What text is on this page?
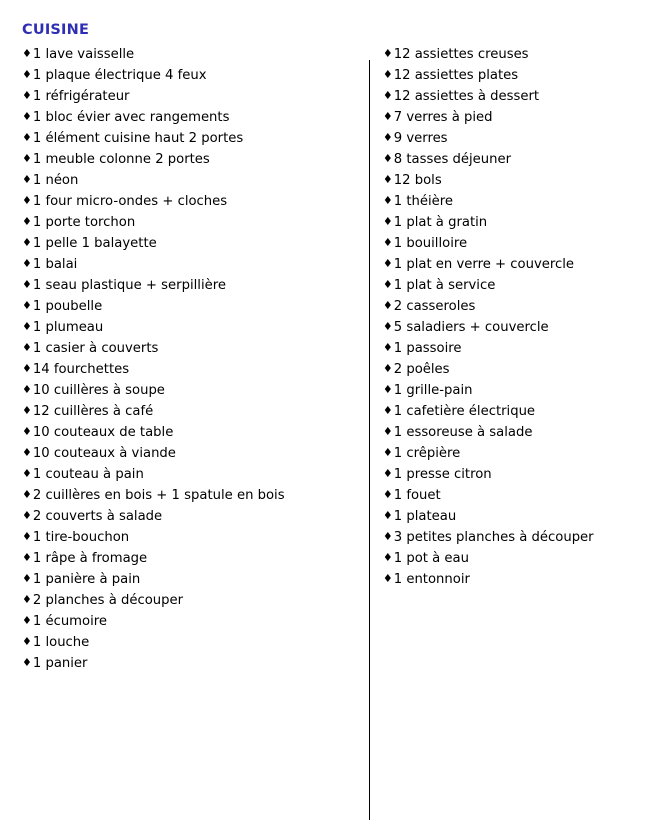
CUISINE
♦ 1 lave vaisselle
♦ 1 plaque électrique 4 feux
♦ 1 réfrigérateur
♦ 1 bloc évier avec rangements
♦ 1 élément cuisine haut 2 portes
♦ 1 meuble colonne 2 portes
♦ 1 néon
♦ 1 four micro-ondes + cloches
♦ 1 porte torchon
♦ 1 pelle 1 balayette
♦ 1 balai
♦ 1 seau plastique + serpillière
♦ 1 poubelle
♦ 1 plumeau
♦ 1 casier à couverts
♦ 14 fourchettes
♦ 10 cuillères à soupe
♦ 12 cuillères à café
♦ 10 couteaux de table
♦ 10 couteaux à viande
♦ 1 couteau à pain
♦ 2 cuillères en bois + 1 spatule en bois
♦ 2 couverts à salade
♦ 1 tire-bouchon
♦ 1 râpe à fromage
♦ 1 panière à pain
♦ 2 planches à découper
♦ 1 écumoire
♦ 1 louche
♦ 1 panier
♦ 12 assiettes creuses
♦ 12 assiettes plates
♦ 12 assiettes à dessert
♦ 7 verres à pied
♦ 9 verres
♦ 8 tasses déjeuner
♦ 12 bols
♦ 1 théière
♦ 1 plat à gratin
♦ 1 bouilloire
♦ 1 plat en verre + couvercle
♦ 1 plat à service
♦ 2 casseroles
♦ 5 saladiers + couvercle
♦ 1 passoire
♦ 2 poêles
♦ 1 grille-pain
♦ 1 cafetière électrique
♦ 1 essoreuse à salade
♦ 1 crêpière
♦ 1 presse citron
♦ 1 fouet
♦ 1 plateau
♦ 3 petites planches à découper
♦ 1 pot à eau
♦ 1 entonnoir
